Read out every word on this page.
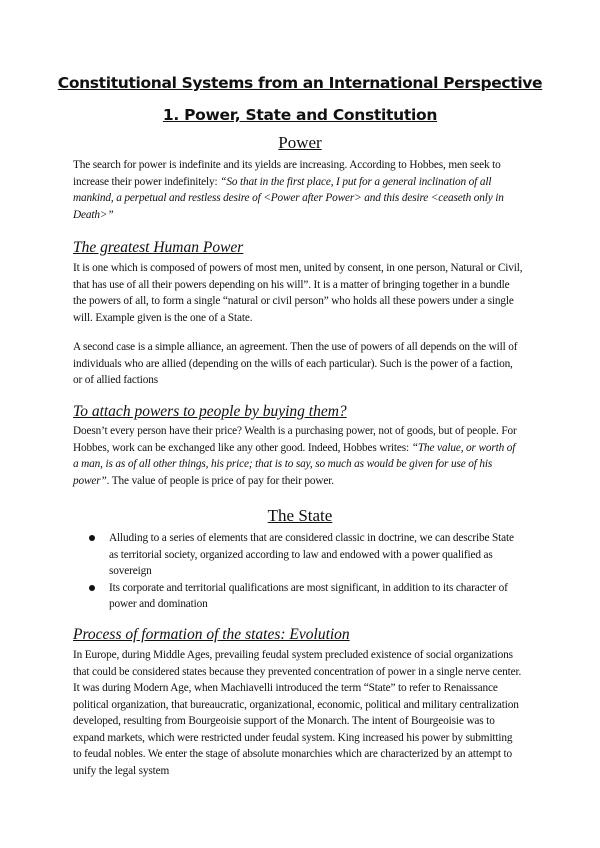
Constitutional Systems from an International Perspective
1. Power, State and Constitution
Power

The search for power is indefinite and its yields are increasing. According to Hobbes, men seek to increase their power indefinitely: “So that in the first place, I put for a general inclination of all mankind, a perpetual and restless desire of <Power after Power> and this desire <ceaseth only in Death>”

The greatest Human Power

It is one which is composed of powers of most men, united by consent, in one person, Natural or Civil, that has use of all their powers depending on his will”. It is a matter of bringing together in a bundle the powers of all, to form a single “natural or civil person” who holds all these powers under a single will. Example given is the one of a State.

A second case is a simple alliance, an agreement. Then the use of powers of all depends on the will of individuals who are allied (depending on the wills of each particular). Such is the power of a faction, or of allied factions

To attach powers to people by buying them?

Doesn’t every person have their price? Wealth is a purchasing power, not of goods, but of people. For Hobbes, work can be exchanged like any other good. Indeed, Hobbes writes: “The value, or worth of a man, is as of all other things, his price; that is to say, so much as would be given for use of his power”. The value of people is price of pay for their power.

The State
Alluding to a series of elements that are considered classic in doctrine, we can describe State as territorial society, organized according to law and endowed with a power qualified as sovereign
Its corporate and territorial qualifications are most significant, in addition to its character of power and domination
Process of formation of the states: Evolution

In Europe, during Middle Ages, prevailing feudal system precluded existence of social organizations that could be considered states because they prevented concentration of power in a single nerve center. It was during Modern Age, when Machiavelli introduced the term “State” to refer to Renaissance political organization, that bureaucratic, organizational, economic, political and military centralization developed, resulting from Bourgeoisie support of the Monarch. The intent of Bourgeoisie was to expand markets, which were restricted under feudal system. King increased his power by submitting to feudal nobles. We enter the stage of absolute monarchies which are characterized by an attempt to unify the legal system
